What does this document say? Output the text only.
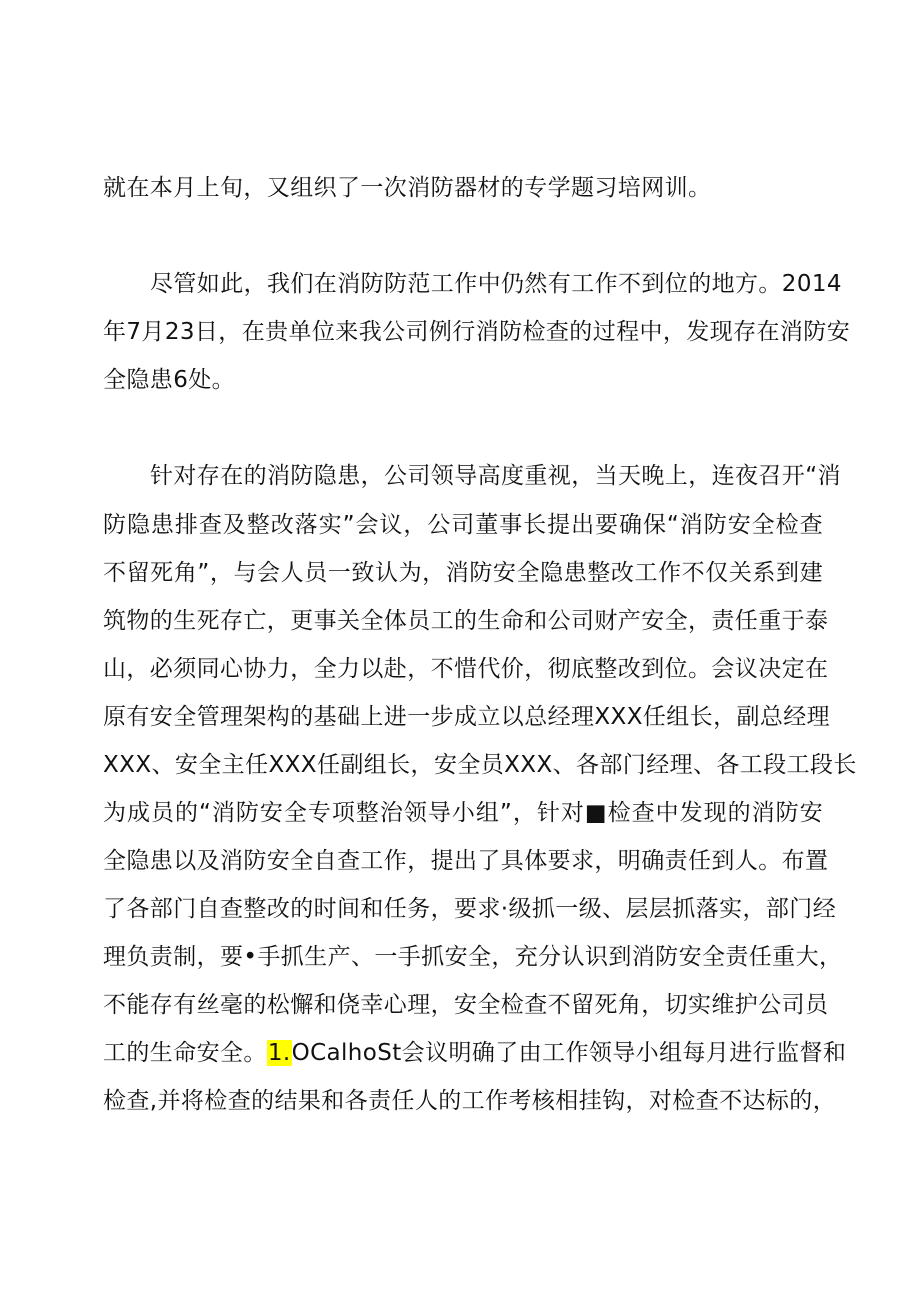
就在本月上旬，又组织了一次消防器材的专学题习培网训。
尽管如此，我们在消防防范工作中仍然有工作不到位的地方。2014
年7月23日，在贵单位来我公司例行消防检查的过程中，发现存在消防安
全隐患6处。
针对存在的消防隐患，公司领导高度重视，当天晚上，连夜召开“消
防隐患排查及整改落实”会议，公司董事长提出要确保“消防安全检查
不留死角”，与会人员一致认为，消防安全隐患整改工作不仅关系到建
筑物的生死存亡，更事关全体员工的生命和公司财产安全，责任重于泰
山，必须同心协力，全力以赴，不惜代价，彻底整改到位。会议决定在
原有安全管理架构的基础上进一步成立以总经理XXX任组长，副总经理
XXX、安全主任XXX任副组长，安全员XXX、各部门经理、各工段工段长
为成员的“消防安全专项整治领导小组”，针对■检查中发现的消防安
全隐患以及消防安全自查工作，提出了具体要求，明确责任到人。布置
了各部门自查整改的时间和任务，要求·级抓一级、层层抓落实，部门经
理负责制，要•手抓生产、一手抓安全，充分认识到消防安全责任重大，
不能存有丝毫的松懈和侥幸心理，安全检查不留死角，切实维护公司员
工的生命安全。1.OCalhoSt会议明确了由工作领导小组每月进行监督和
检查,并将检查的结果和各责任人的工作考核相挂钩，对检查不达标的，
